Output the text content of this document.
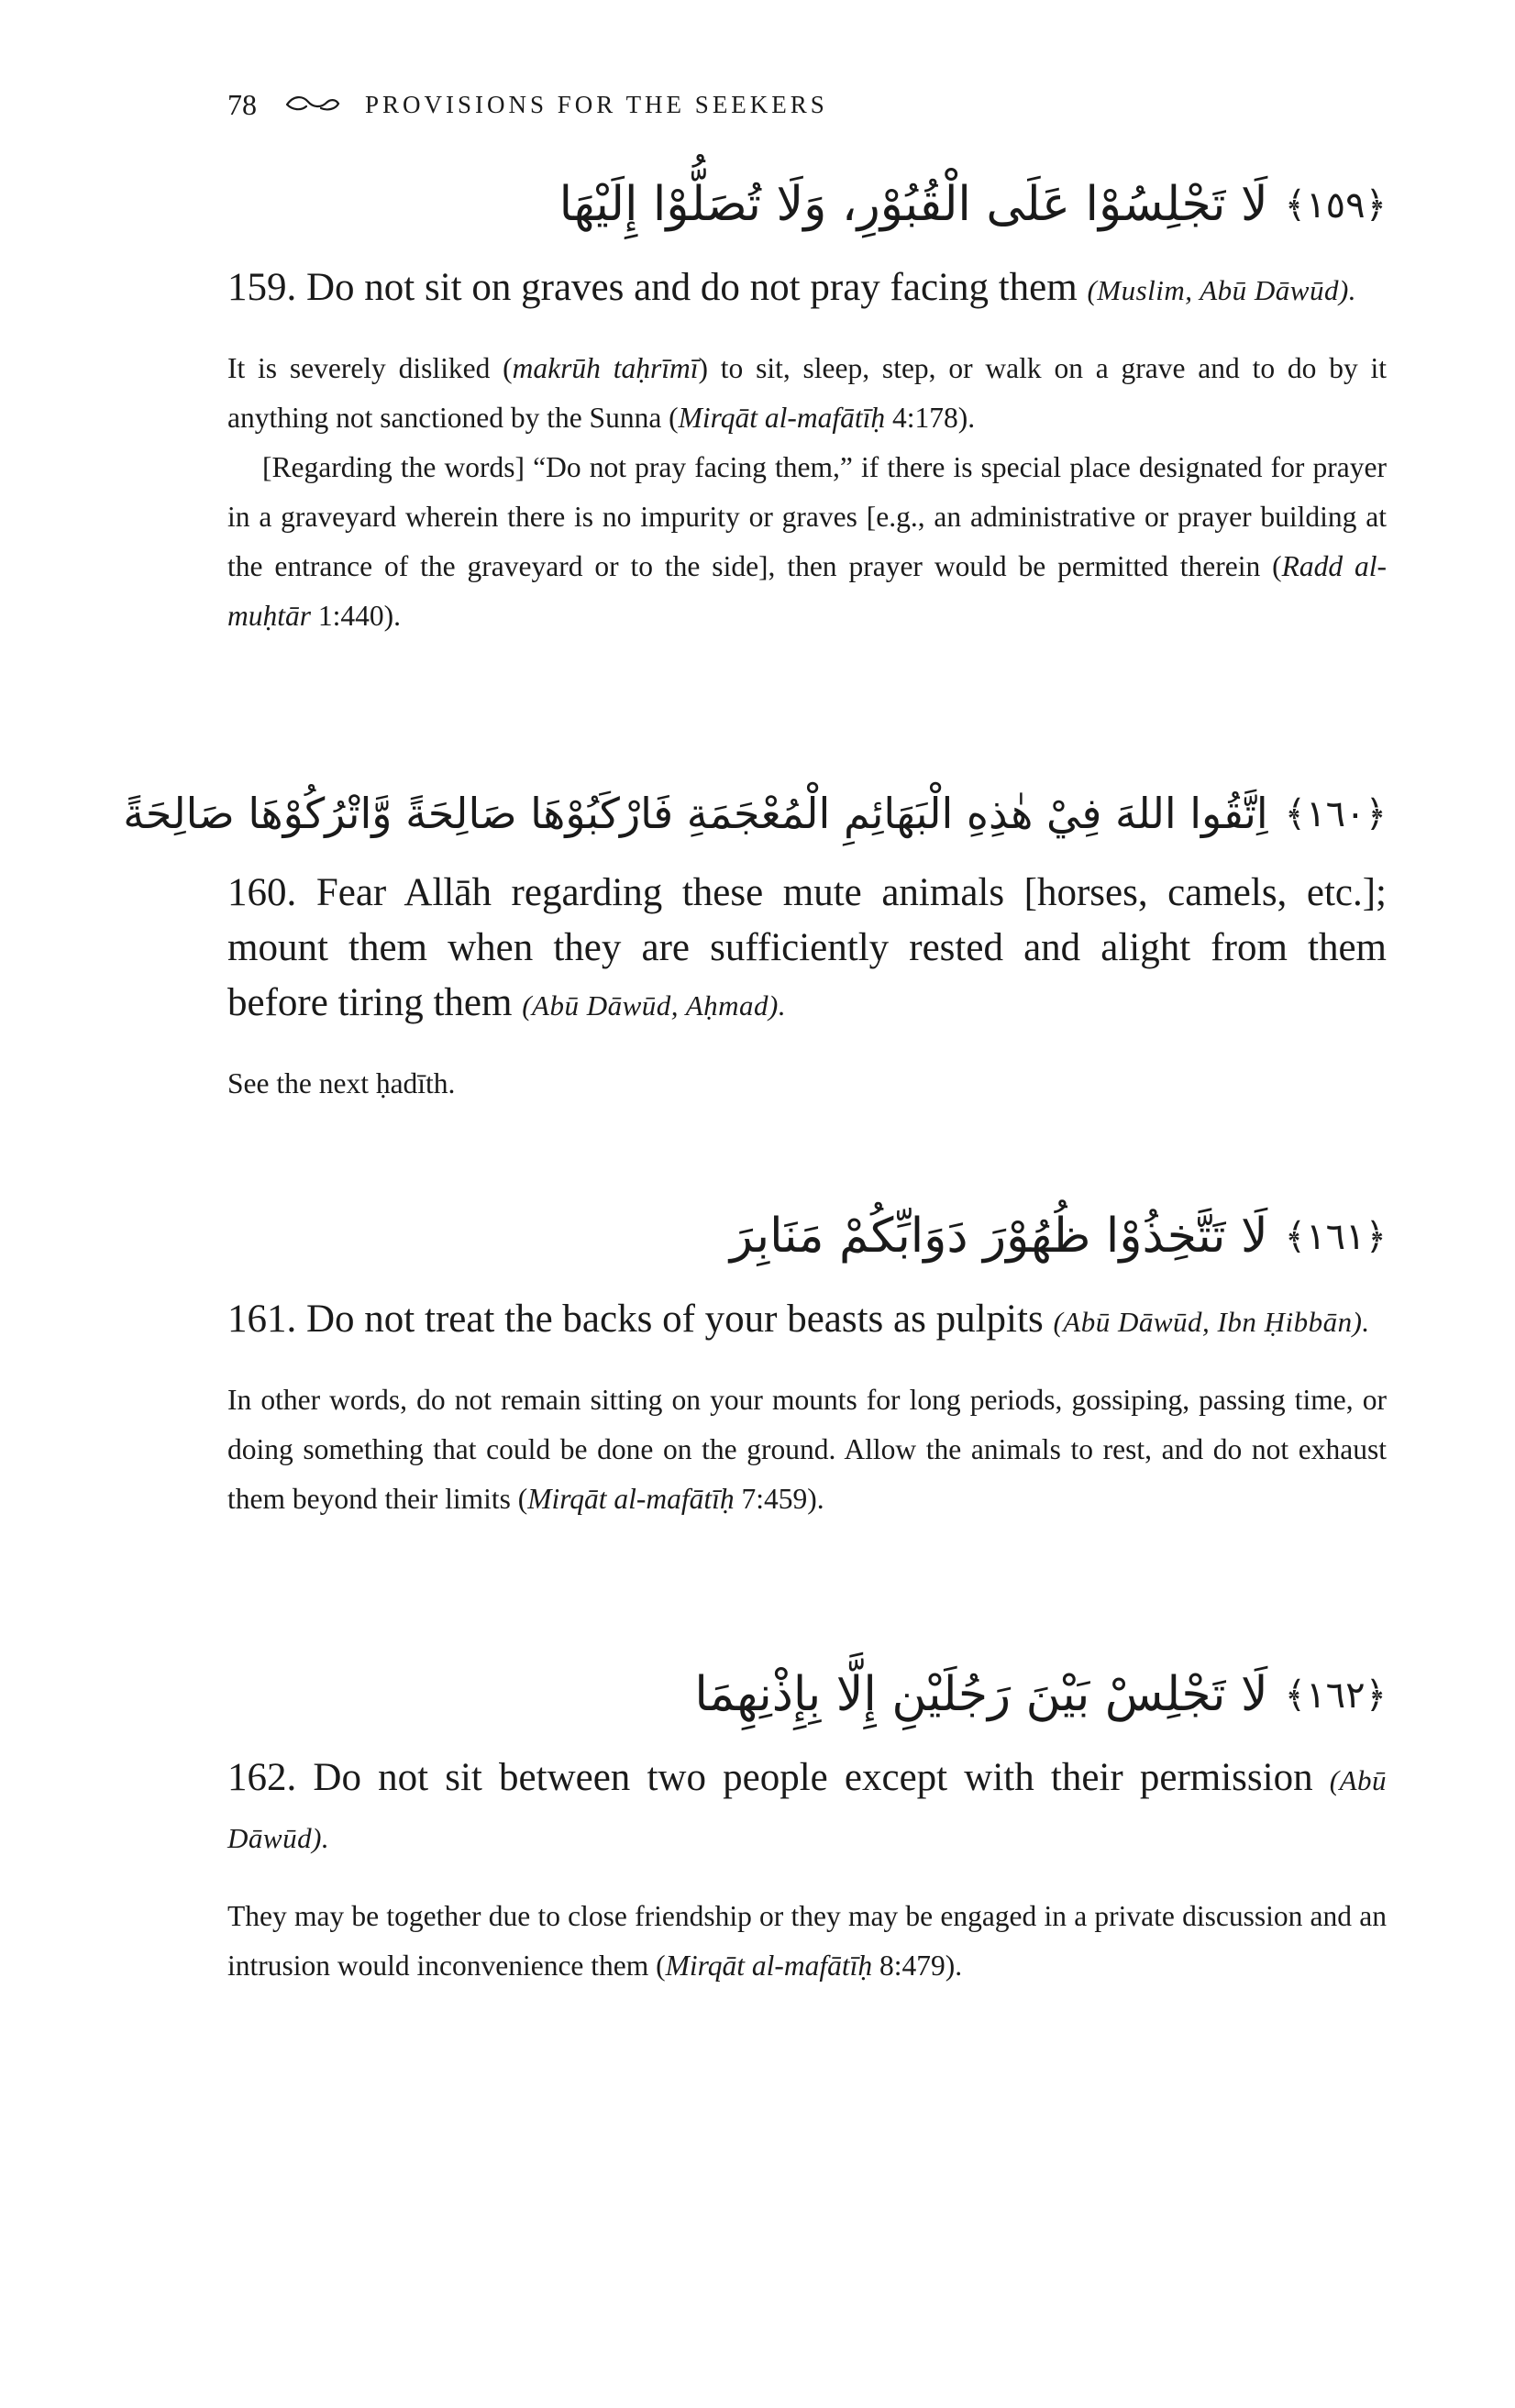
78	PROVISIONS FOR THE SEEKERS
﴿١٥٩﴾
لَا تَجْلِسُوْا عَلَى الْقُبُوْرِ، وَلَا تُصَلُّوْا إِلَيْهَا

159. Do not sit on graves and do not pray facing them (Muslim, Abū Dāwūd).

It is severely disliked (makrūh taḥrīmī) to sit, sleep, step, or walk on a grave and to do by it anything not sanctioned by the Sunna (Mirqāt al-mafātīḥ 4:178).

[Regarding the words] “Do not pray facing them,” if there is special place designated for prayer in a graveyard wherein there is no impurity or graves [e.g., an administrative or prayer building at the entrance of the graveyard or to the side], then prayer would be permitted therein (Radd al-muḥtār 1:440).

﴿١٦٠﴾
اِتَّقُوا اللهَ فِيْ هٰذِهِ الْبَهَائِمِ الْمُعْجَمَةِ فَارْكَبُوْهَا صَالِحَةً وَّاتْرُكُوْهَا صَالِحَةً

160. Fear Allāh regarding these mute animals [horses, camels, etc.]; mount them when they are sufficiently rested and alight from them before tiring them (Abū Dāwūd, Aḥmad).

See the next ḥadīth.

﴿١٦١﴾
لَا تَتَّخِذُوْا ظُهُوْرَ دَوَابِّكُمْ مَنَابِرَ

161. Do not treat the backs of your beasts as pulpits (Abū Dāwūd, Ibn Ḥibbān).

In other words, do not remain sitting on your mounts for long periods, gossiping, passing time, or doing something that could be done on the ground. Allow the animals to rest, and do not exhaust them beyond their limits (Mirqāt al-mafātīḥ 7:459).

﴿١٦٢﴾
لَا تَجْلِسْ بَيْنَ رَجُلَيْنِ إِلَّا بِإِذْنِهِمَا

162. Do not sit between two people except with their permission (Abū Dāwūd).

They may be together due to close friendship or they may be engaged in a private discussion and an intrusion would inconvenience them (Mirqāt al-mafātīḥ 8:479).
